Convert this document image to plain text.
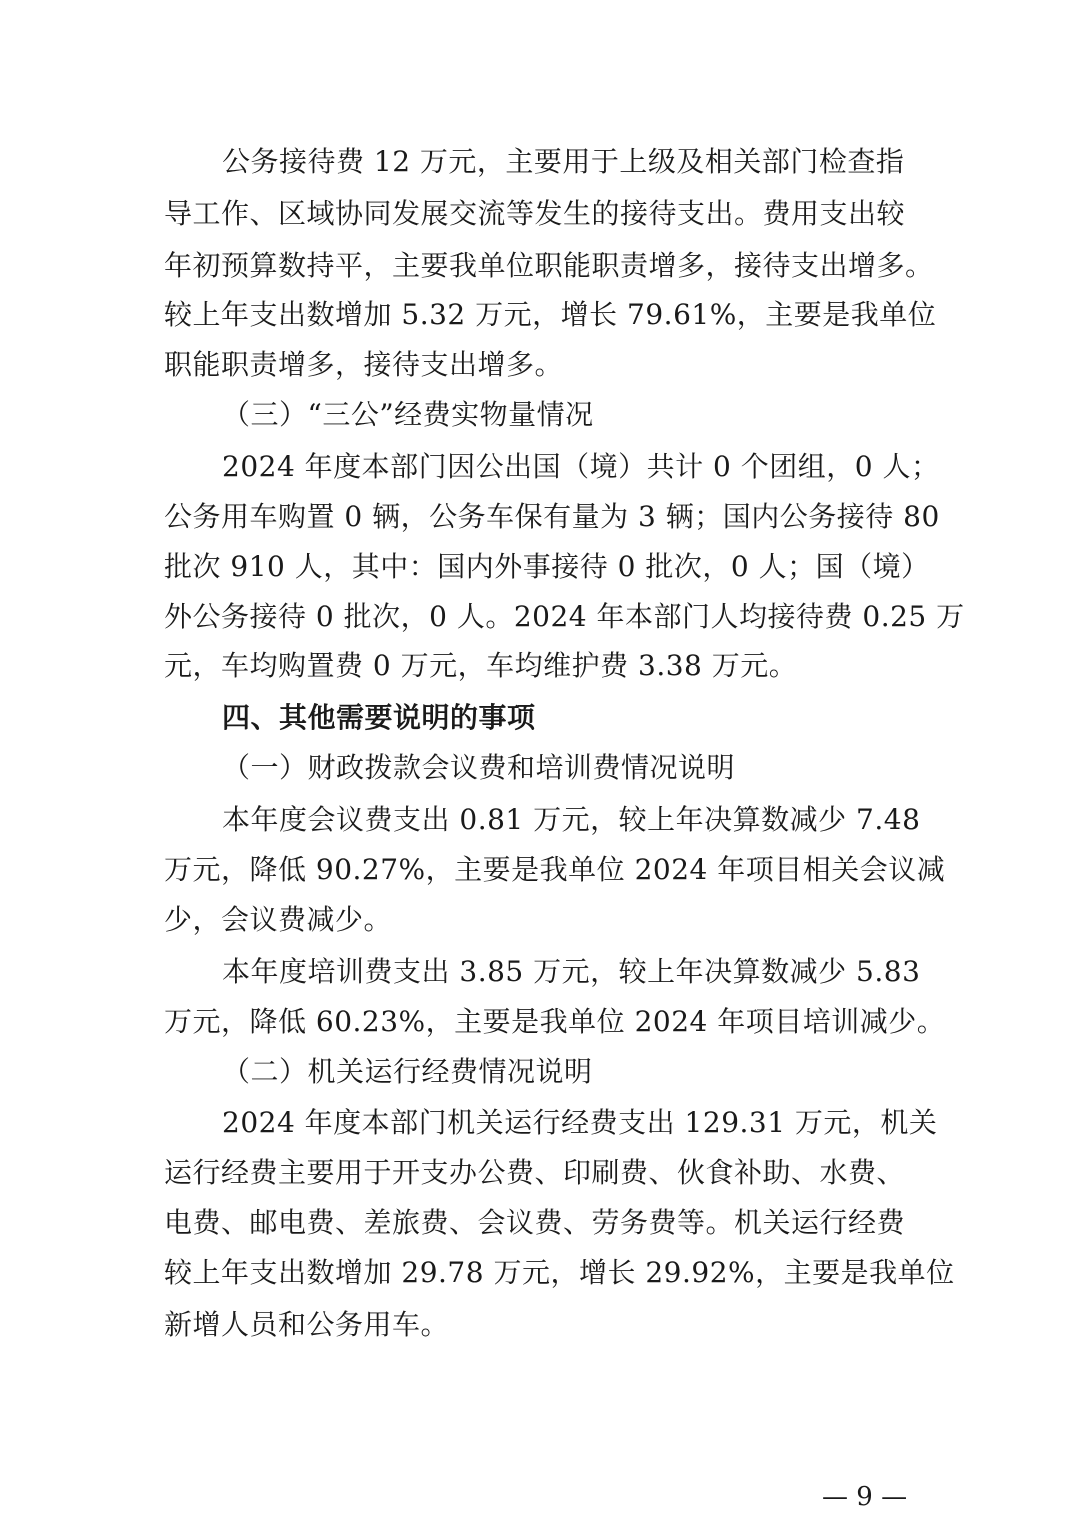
公务接待费 12 万元，主要用于上级及相关部门检查指
导工作、区域协同发展交流等发生的接待支出。费用支出较
年初预算数持平，主要我单位职能职责增多，接待支出增多。
较上年支出数增加 5.32 万元，增长 79.61%，主要是我单位
职能职责增多，接待支出增多。
（三）“三公”经费实物量情况
2024 年度本部门因公出国（境）共计 0 个团组，0 人；
公务用车购置 0 辆，公务车保有量为 3 辆；国内公务接待 80
批次 910 人，其中：国内外事接待 0 批次，0 人；国（境）
外公务接待 0 批次，0 人。2024 年本部门人均接待费 0.25 万
元，车均购置费 0 万元，车均维护费 3.38 万元。
四、其他需要说明的事项
（一）财政拨款会议费和培训费情况说明
本年度会议费支出 0.81 万元，较上年决算数减少 7.48
万元，降低 90.27%，主要是我单位 2024 年项目相关会议减
少，会议费减少。
本年度培训费支出 3.85 万元，较上年决算数减少 5.83
万元，降低 60.23%，主要是我单位 2024 年项目培训减少。
（二）机关运行经费情况说明
2024 年度本部门机关运行经费支出 129.31 万元，机关
运行经费主要用于开支办公费、印刷费、伙食补助、水费、
电费、邮电费、差旅费、会议费、劳务费等。机关运行经费
较上年支出数增加 29.78 万元，增长 29.92%，主要是我单位
新增人员和公务用车。
— 9 —
